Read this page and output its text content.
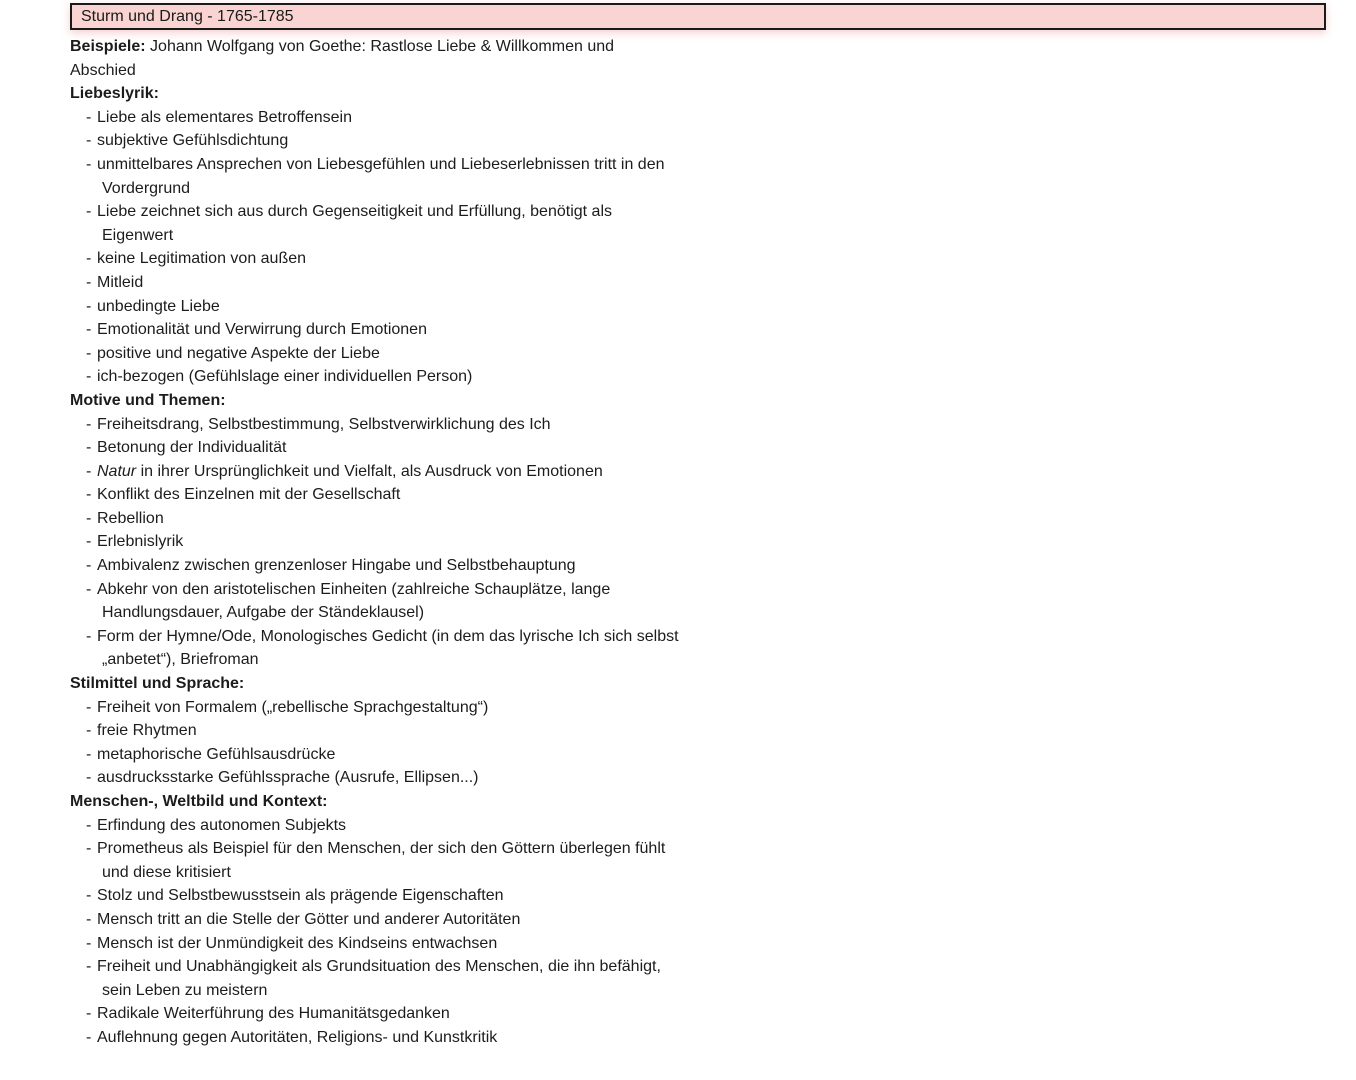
Sturm und Drang - 1765-1785
Beispiele: Johann Wolfgang von Goethe: Rastlose Liebe & Willkommen und
Abschied
Liebeslyrik:
- Liebe als elementares Betroffensein
- subjektive Gefühlsdichtung
- unmittelbares Ansprechen von Liebesgefühlen und Liebeserlebnissen tritt in den
Vordergrund
- Liebe zeichnet sich aus durch Gegenseitigkeit und Erfüllung, benötigt als
Eigenwert
- keine Legitimation von außen
- Mitleid
- unbedingte Liebe
- Emotionalität und Verwirrung durch Emotionen
- positive und negative Aspekte der Liebe
- ich-bezogen (Gefühlslage einer individuellen Person)
Motive und Themen:
- Freiheitsdrang, Selbstbestimmung, Selbstverwirklichung des Ich
- Betonung der Individualität
- Natur in ihrer Ursprünglichkeit und Vielfalt, als Ausdruck von Emotionen
- Konflikt des Einzelnen mit der Gesellschaft
- Rebellion
- Erlebnislyrik
- Ambivalenz zwischen grenzenloser Hingabe und Selbstbehauptung
- Abkehr von den aristotelischen Einheiten (zahlreiche Schauplätze, lange
Handlungsdauer, Aufgabe der Ständeklausel)
- Form der Hymne/Ode, Monologisches Gedicht (in dem das lyrische Ich sich selbst
„anbetet“), Briefroman
Stilmittel und Sprache:
- Freiheit von Formalem („rebellische Sprachgestaltung“)
- freie Rhytmen
- metaphorische Gefühlsausdrücke
- ausdrucksstarke Gefühlssprache (Ausrufe, Ellipsen...)
Menschen-, Weltbild und Kontext:
- Erfindung des autonomen Subjekts
- Prometheus als Beispiel für den Menschen, der sich den Göttern überlegen fühlt
und diese kritisiert
- Stolz und Selbstbewusstsein als prägende Eigenschaften
- Mensch tritt an die Stelle der Götter und anderer Autoritäten
- Mensch ist der Unmündigkeit des Kindseins entwachsen
- Freiheit und Unabhängigkeit als Grundsituation des Menschen, die ihn befähigt,
sein Leben zu meistern
- Radikale Weiterführung des Humanitätsgedanken
- Auflehnung gegen Autoritäten, Religions- und Kunstkritik
